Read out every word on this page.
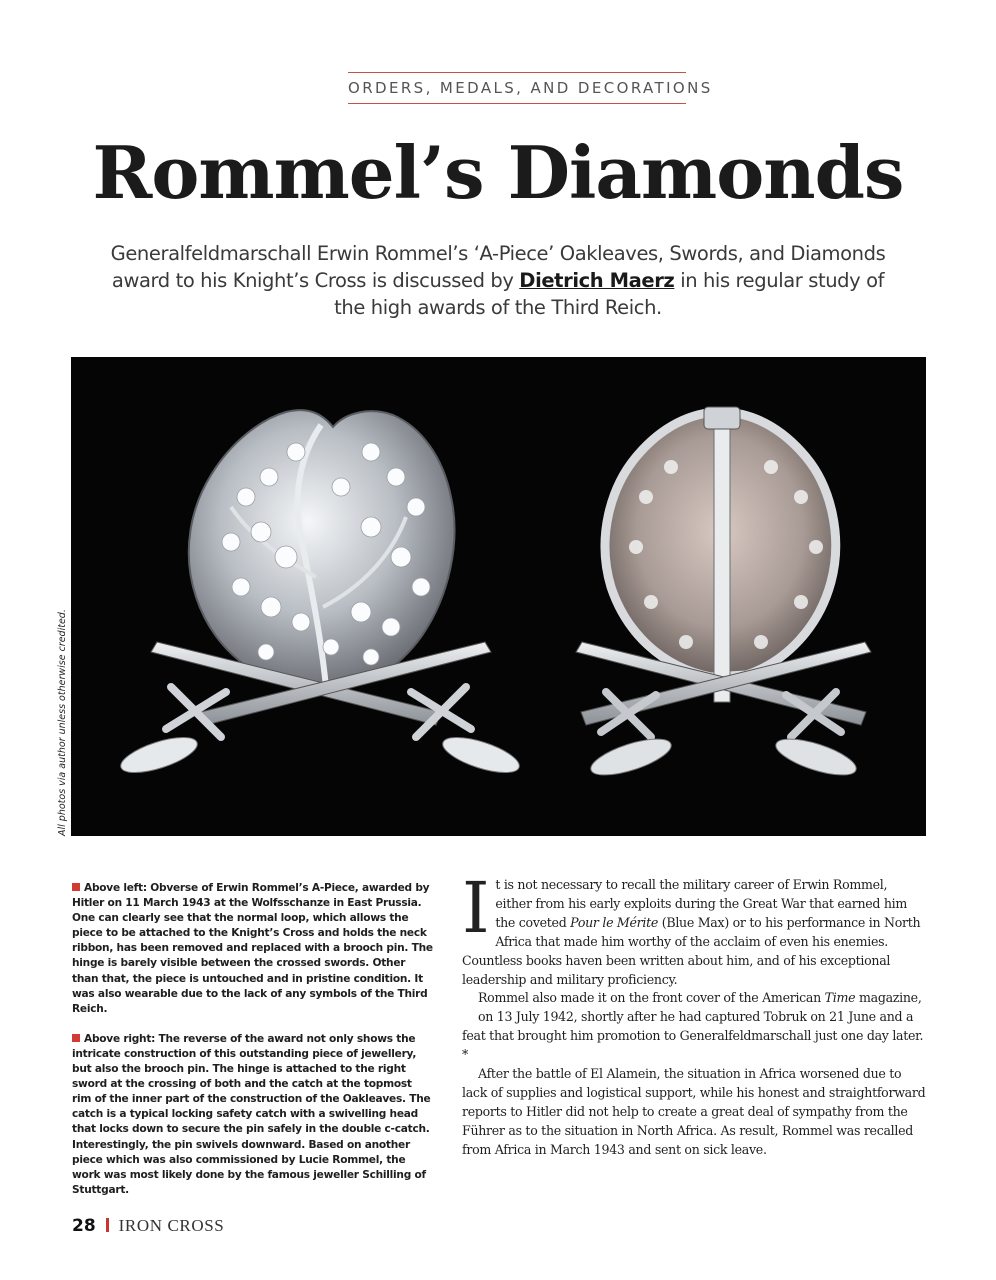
ORDERS, MEDALS, AND DECORATIONS
Rommel’s Diamonds
Generalfeldmarschall Erwin Rommel’s ‘A-Piece’ Oakleaves, Swords, and Diamonds award to his Knight’s Cross is discussed by Dietrich Maerz in his regular study of the high awards of the Third Reich.
All photos via author unless otherwise credited.

Above left: Obverse of Erwin Rommel’s A-Piece, awarded by Hitler on 11 March 1943 at the Wolfsschanze in East Prussia. One can clearly see that the normal loop, which allows the piece to be attached to the Knight’s Cross and holds the neck ribbon, has been removed and replaced with a brooch pin. The hinge is barely visible between the crossed swords. Other than that, the piece is untouched and in pristine condition. It was also wearable due to the lack of any symbols of the Third Reich.

Above right: The reverse of the award not only shows the intricate construction of this outstanding piece of jewellery, but also the brooch pin. The hinge is attached to the right sword at the crossing of both and the catch at the topmost rim of the inner part of the construction of the Oakleaves. The catch is a typical locking safety catch with a swivelling head that locks down to secure the pin safely in the double c-catch. Interestingly, the pin swivels downward. Based on another piece which was also commissioned by Lucie Rommel, the work was most likely done by the famous jeweller Schilling of Stuttgart.

It is not necessary to recall the military career of Erwin Rommel, either from his early exploits during the Great War that earned him the coveted Pour le Mérite (Blue Max) or to his performance in North Africa that made him worthy of the acclaim of even his enemies. Countless books haven been written about him, and of his exceptional leadership and military proficiency.

Rommel also made it on the front cover of the American Time magazine,

on 13 July 1942, shortly after he had captured Tobruk on 21 June and a feat that brought him promotion to Generalfeldmarschall just one day later. *

After the battle of El Alamein, the situation in Africa worsened due to lack of supplies and logistical support, while his honest and straightforward reports to Hitler did not help to create a great deal of sympathy from the Führer as to the situation in North Africa. As result, Rommel was recalled from Africa in March 1943 and sent on sick leave.

28 IRON CROSS
